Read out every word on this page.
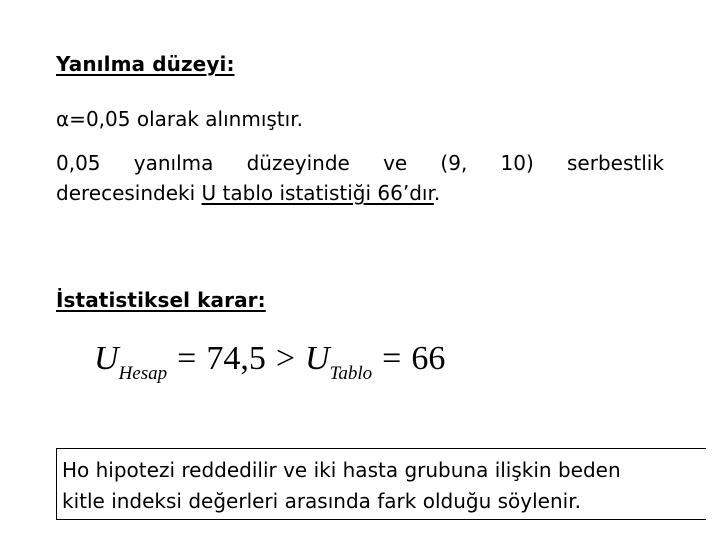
Yanılma düzeyi:
α=0,05 olarak alınmıştır.
0,05 yanılma düzeyinde ve (9, 10) serbestlik
derecesindeki U tablo istatistiği 66’dır.
İstatistiksel karar:
$U_{Hesap} = 74,5 > U_{Tablo} = 66$
Ho hipotezi reddedilir ve iki hasta grubuna ilişkin beden
kitle indeksi değerleri arasında fark olduğu söylenir.
